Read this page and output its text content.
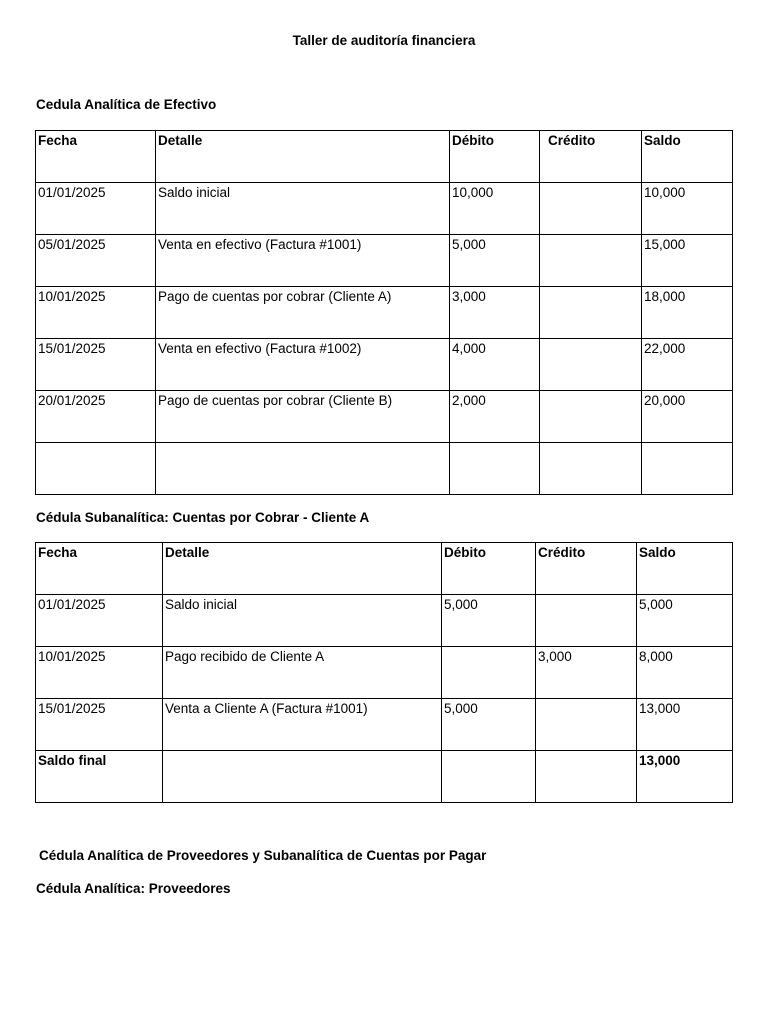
Taller de auditoría financiera
Cedula Analítica de Efectivo
Fecha	Detalle	Débito	Crédito	Saldo
01/01/2025	Saldo inicial	10,000		10,000
05/01/2025	Venta en efectivo (Factura #1001)	5,000		15,000
10/01/2025	Pago de cuentas por cobrar (Cliente A)	3,000		18,000
15/01/2025	Venta en efectivo (Factura #1002)	4,000		22,000
20/01/2025	Pago de cuentas por cobrar (Cliente B)	2,000		20,000

Cédula Subanalítica: Cuentas por Cobrar - Cliente A
Fecha	Detalle	Débito	Crédito	Saldo
01/01/2025	Saldo inicial	5,000		5,000
10/01/2025	Pago recibido de Cliente A		3,000	8,000
15/01/2025	Venta a Cliente A (Factura #1001)	5,000		13,000
Saldo final				13,000
Cédula Analítica de Proveedores y Subanalítica de Cuentas por Pagar
Cédula Analítica: Proveedores
